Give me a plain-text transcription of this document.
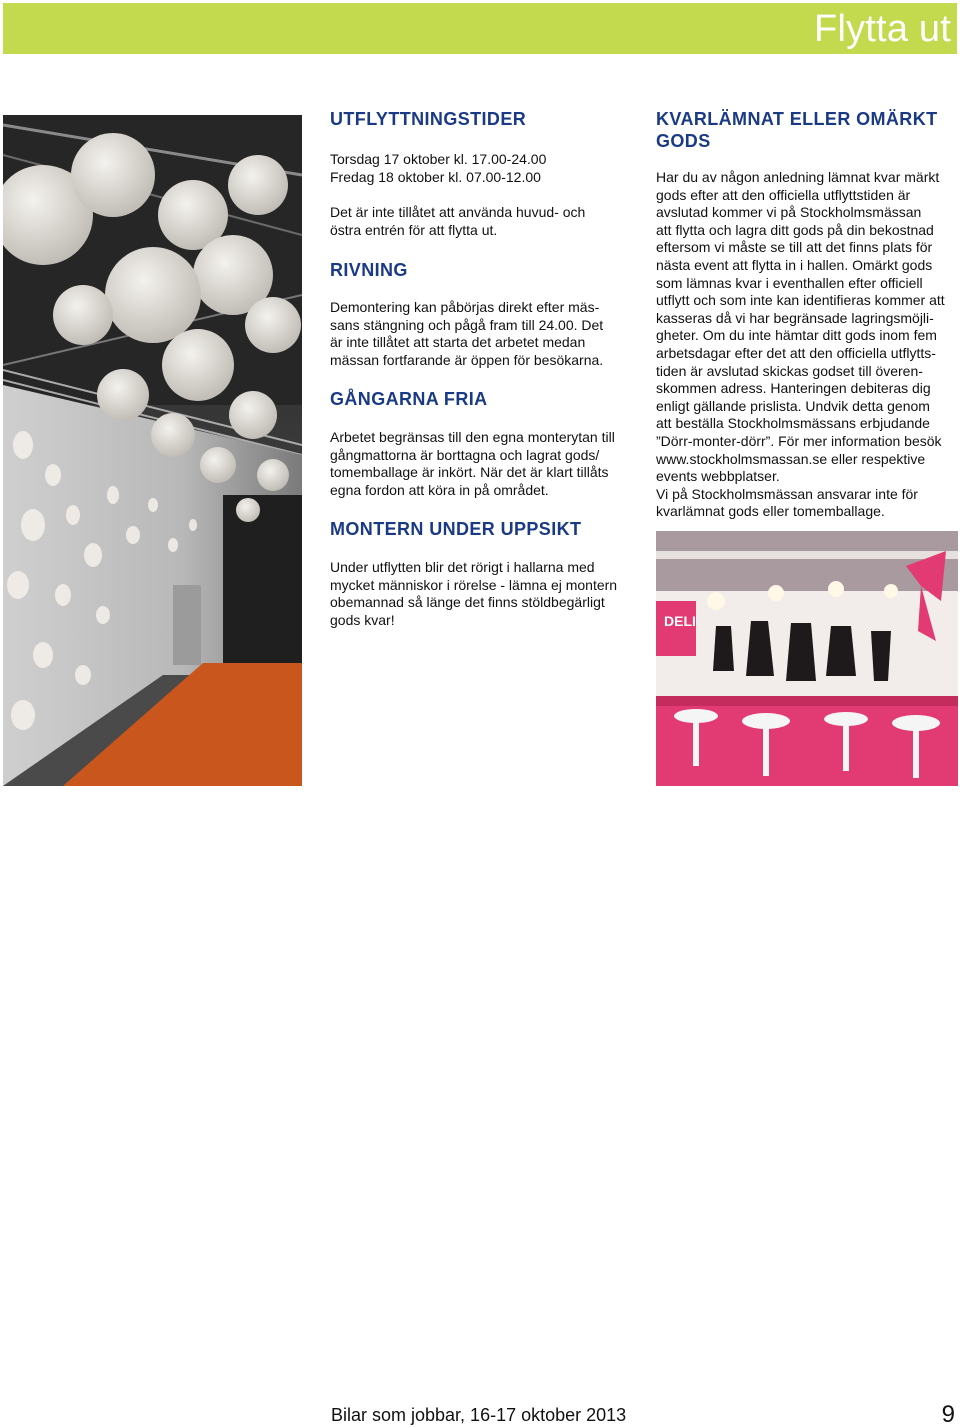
Flytta ut
UTFLYTTNINGSTIDER

Torsdag 17 oktober kl. 17.00-24.00

Fredag 18 oktober kl. 07.00-12.00

Det är inte tillåtet att använda huvud- och

östra entrén för att flytta ut.

RIVNING

Demontering kan påbörjas direkt efter mäs-

sans stängning och pågå fram till 24.00. Det

är inte tillåtet att starta det arbetet medan

mässan fortfarande är öppen för besökarna.

GÅNGARNA FRIA

Arbetet begränsas till den egna monterytan till

gångmattorna är borttagna och lagrat gods/

tomemballage är inkört. När det är klart tillåts

egna fordon att köra in på området.

MONTERN UNDER UPPSIKT

Under utflytten blir det rörigt i hallarna med

mycket människor i rörelse - lämna ej montern

obemannad så länge det finns stöldbegärligt

gods kvar!

KVARLÄMNAT ELLER OMÄRKT
GODS

Har du av någon anledning lämnat kvar märkt

gods efter att den officiella utflyttstiden är

avslutad kommer vi på Stockholmsmässan

att flytta och lagra ditt gods på din bekostnad

eftersom vi måste se till att det finns plats för

nästa event att flytta in i hallen. Omärkt gods

som lämnas kvar i eventhallen efter officiell

utflytt och som inte kan identifieras kommer att

kasseras då vi har begränsade lagringsmöjli-

gheter. Om du inte hämtar ditt gods inom fem

arbetsdagar efter det att den officiella utflytts-

tiden är avslutad skickas godset till överen-

skommen adress. Hanteringen debiteras dig

enligt gällande prislista. Undvik detta genom

att beställa Stockholmsmässans erbjudande

”Dörr-monter-dörr”. För mer information besök

www.stockholmsmassan.se eller respektive

events webbplatser.

Vi på Stockholmsmässan ansvarar inte för

kvarlämnat gods eller tomemballage.

DELI
Bilar som jobbar, 16-17 oktober 2013	9
